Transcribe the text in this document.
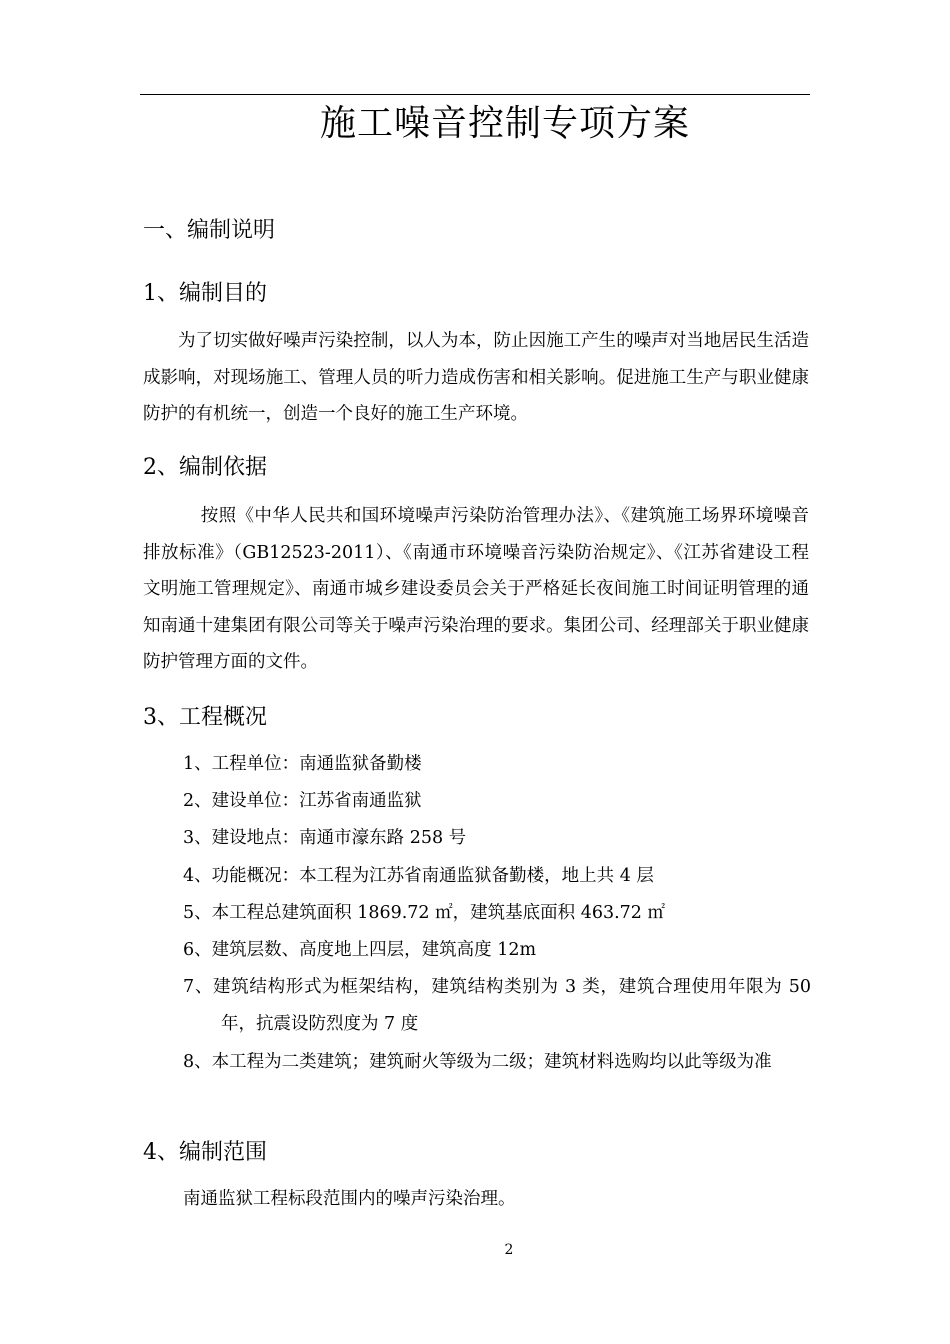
施工噪音控制专项方案
一、编制说明
1、编制目的

为了切实做好噪声污染控制，以人为本，防止因施工产生的噪声对当地居民生活造成影响，对现场施工、管理人员的听力造成伤害和相关影响。促进施工生产与职业健康防护的有机统一，创造一个良好的施工生产环境。

2、编制依据

按照《中华人民共和国环境噪声污染防治管理办法》、《建筑施工场界环境噪音排放标准》（GB12523-2011）、《南通市环境噪音污染防治规定》、《江苏省建设工程文明施工管理规定》、南通市城乡建设委员会关于严格延长夜间施工时间证明管理的通知南通十建集团有限公司等关于噪声污染治理的要求。集团公司、经理部关于职业健康防护管理方面的文件。

3、工程概况
1、工程单位：南通监狱备勤楼
2、建设单位：江苏省南通监狱
3、建设地点：南通市濠东路 258 号
4、功能概况：本工程为江苏省南通监狱备勤楼，地上共 4 层
5、本工程总建筑面积 1869.72 ㎡，建筑基底面积 463.72 ㎡
6、建筑层数、高度地上四层，建筑高度 12m
7、建筑结构形式为框架结构，建筑结构类别为 3 类，建筑合理使用年限为 50 年，抗震设防烈度为 7 度
8、本工程为二类建筑；建筑耐火等级为二级；建筑材料选购均以此等级为准
4、编制范围
南通监狱工程标段范围内的噪声污染治理。
2
